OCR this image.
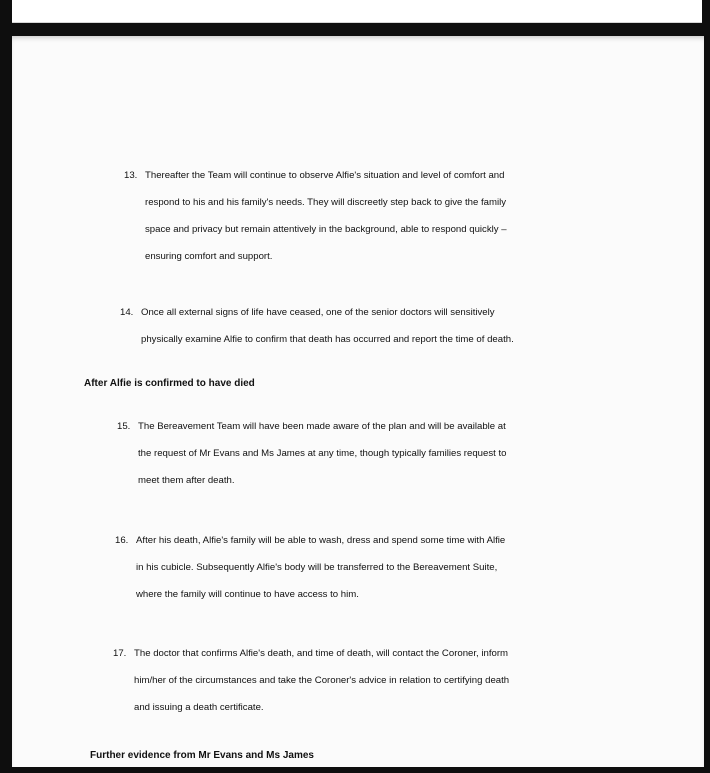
13. Thereafter the Team will continue to observe Alfie's situation and level of comfort and
respond to his and his family's needs. They will discreetly step back to give the family
space and privacy but remain attentively in the background, able to respond quickly –
ensuring comfort and support.
14. Once all external signs of life have ceased, one of the senior doctors will sensitively
physically examine Alfie to confirm that death has occurred and report the time of death.
After Alfie is confirmed to have died
15. The Bereavement Team will have been made aware of the plan and will be available at
the request of Mr Evans and Ms James at any time, though typically families request to
meet them after death.
16. After his death, Alfie's family will be able to wash, dress and spend some time with Alfie
in his cubicle. Subsequently Alfie's body will be transferred to the Bereavement Suite,
where the family will continue to have access to him.
17. The doctor that confirms Alfie's death, and time of death, will contact the Coroner, inform
him/her of the circumstances and take the Coroner's advice in relation to certifying death
and issuing a death certificate.
Further evidence from Mr Evans and Ms James
